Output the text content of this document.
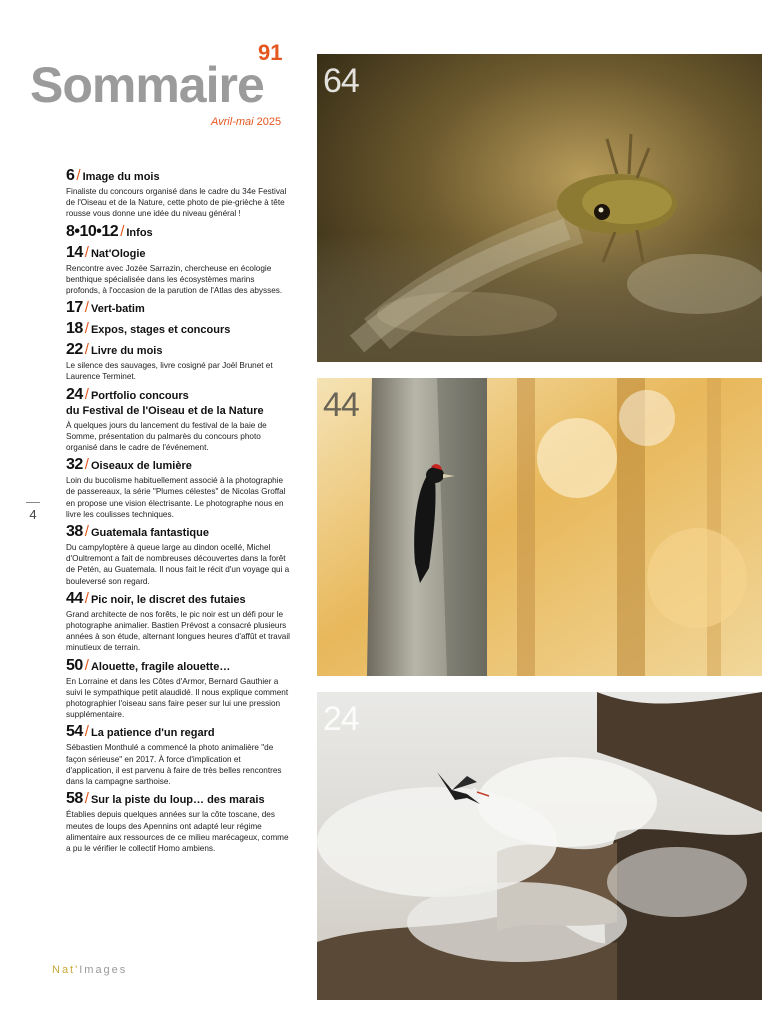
91
Sommaire
Avril-mai 2025
6 / Image du mois
Finaliste du concours organisé dans le cadre du 34e Festival de l'Oiseau et de la Nature, cette photo de pie-grièche à tête rousse vous donne une idée du niveau général !
8•10•12 / Infos
14 / Nat'Ologie
Rencontre avec Jozée Sarrazin, chercheuse en écologie benthique spécialisée dans les écosystèmes marins profonds, à l'occasion de la parution de l'Atlas des abysses.
17 / Vert-batim
18 / Expos, stages et concours
22 / Livre du mois
Le silence des sauvages, livre cosigné par Joël Brunet et Laurence Terminet.
24 / Portfolio concours
du Festival de l'Oiseau et de la Nature
À quelques jours du lancement du festival de la baie de Somme, présentation du palmarès du concours photo organisé dans le cadre de l'événement.
32 / Oiseaux de lumière
Loin du bucolisme habituellement associé à la photographie de passereaux, la série "Plumes célestes" de Nicolas Groffal en propose une vision électrisante. Le photographe nous en livre les coulisses techniques.
38 / Guatemala fantastique
Du campyloptère à queue large au dindon ocellé, Michel d'Oultremont a fait de nombreuses découvertes dans la forêt de Petén, au Guatemala. Il nous fait le récit d'un voyage qui a bouleversé son regard.
44 / Pic noir, le discret des futaies
Grand architecte de nos forêts, le pic noir est un défi pour le photographe animalier. Bastien Prévost a consacré plusieurs années à son étude, alternant longues heures d'affût et travail minutieux de terrain.
50 / Alouette, fragile alouette…
En Lorraine et dans les Côtes d'Armor, Bernard Gauthier a suivi le sympathique petit alaudidé. Il nous explique comment photographier l'oiseau sans faire peser sur lui une pression supplémentaire.
54 / La patience d'un regard
Sébastien Monthulé a commencé la photo animalière "de façon sérieuse" en 2017. À force d'implication et d'application, il est parvenu à faire de très belles rencontres dans la campagne sarthoise.
58 / Sur la piste du loup… des marais
Établies depuis quelques années sur la côte toscane, des meutes de loups des Apennins ont adapté leur régime alimentaire aux ressources de ce milieu marécageux, comme a pu le vérifier le collectif Homo ambiens.
4
Nat'Images
64
44
24
